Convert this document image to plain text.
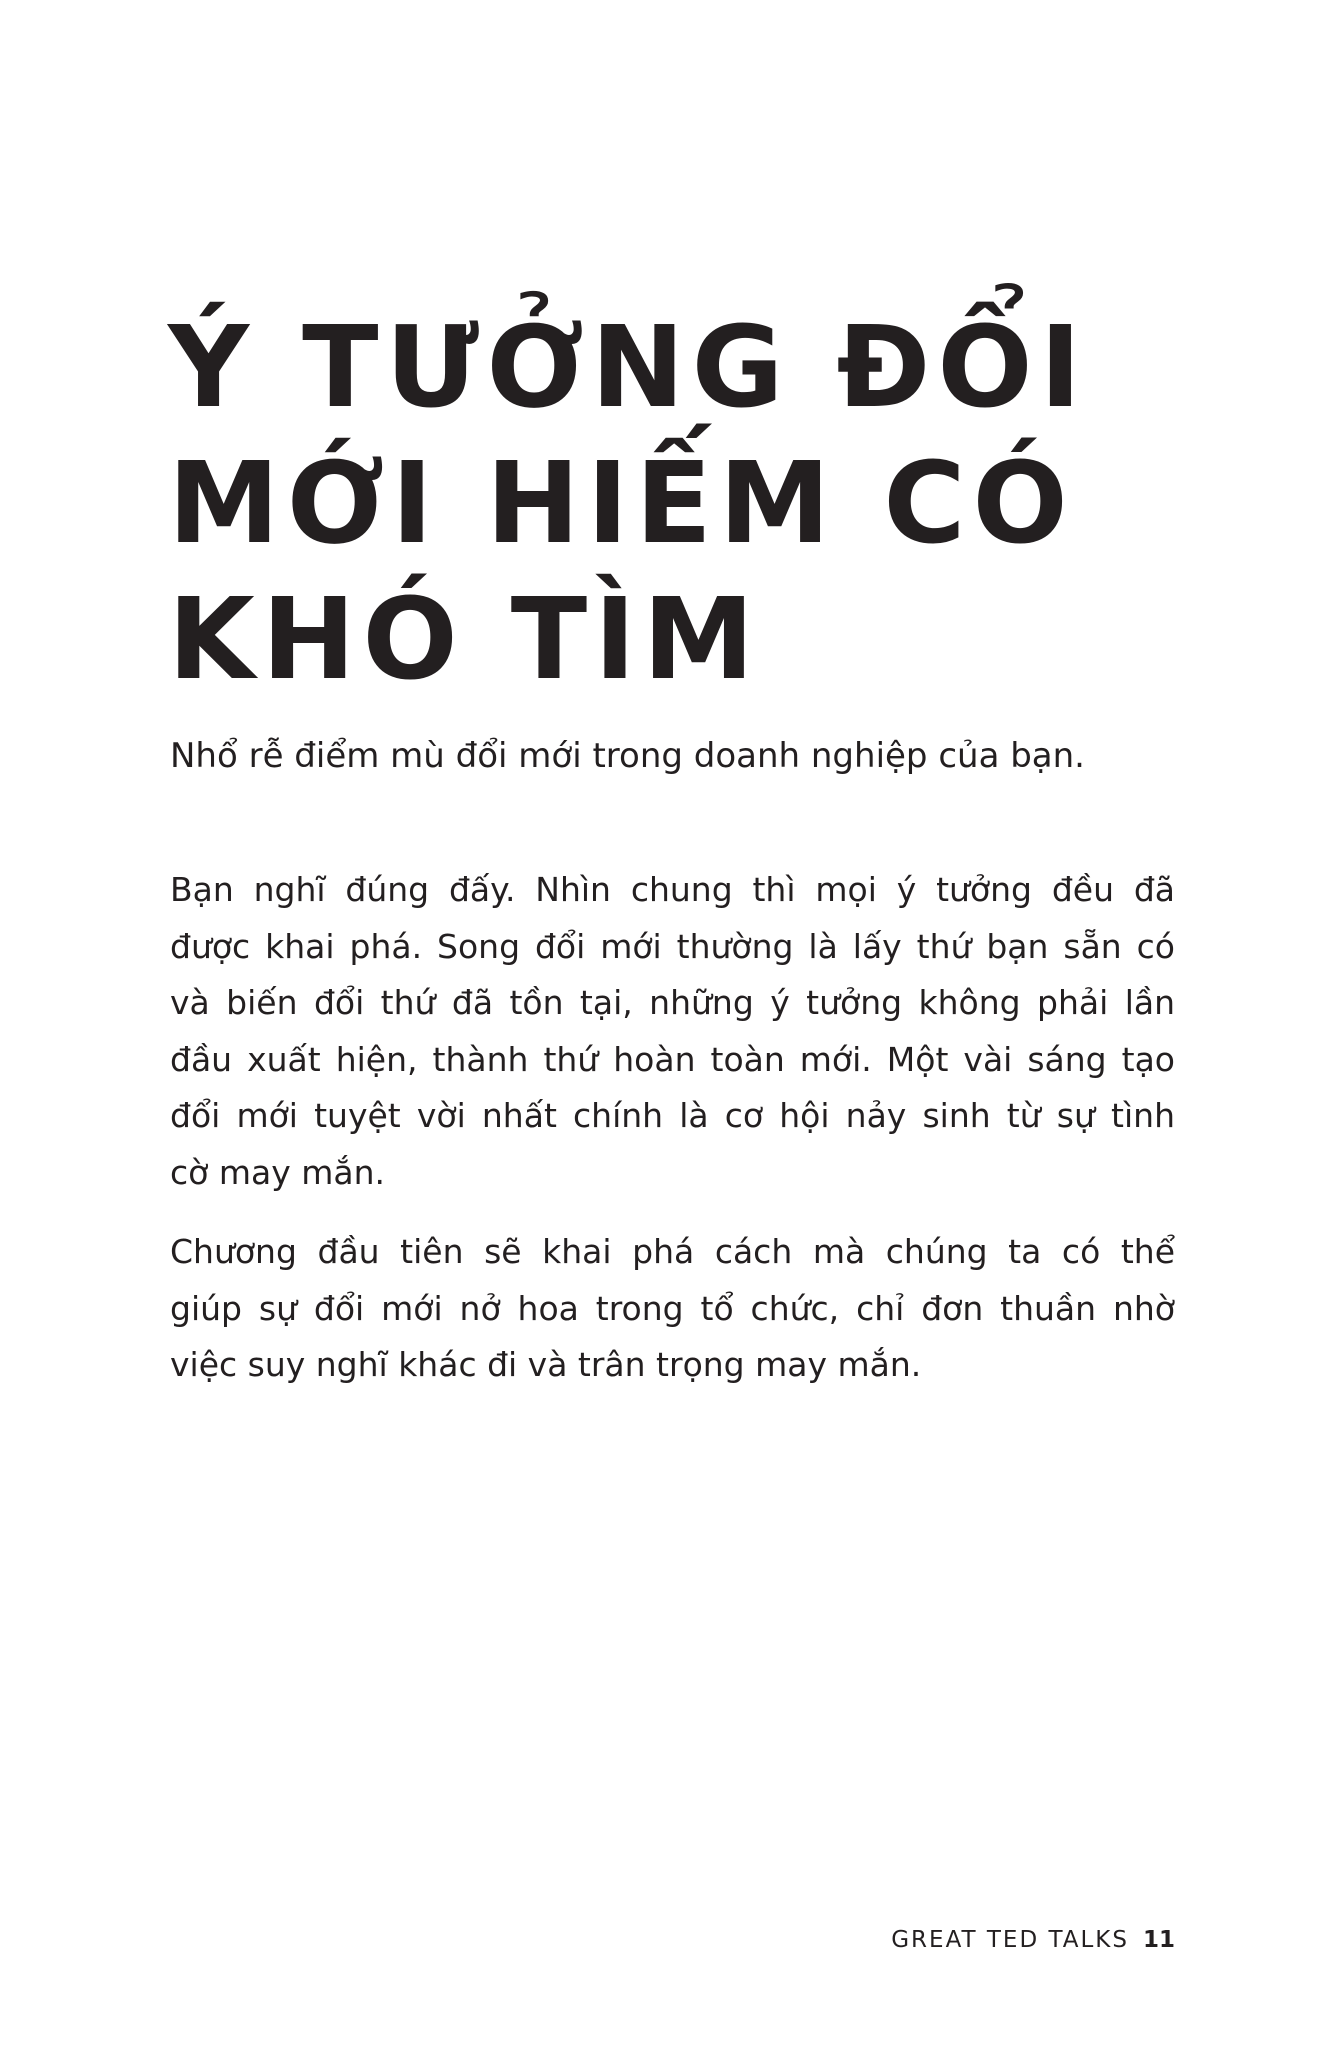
Ý TƯỞNG ĐỔI
MỚI HIẾM CÓ
KHÓ TÌM

Nhổ rễ điểm mù đổi mới trong doanh nghiệp của bạn.

Bạn nghĩ đúng đấy. Nhìn chung thì mọi ý tưởng đều đã
được khai phá. Song đổi mới thường là lấy thứ bạn sẵn có
và biến đổi thứ đã tồn tại, những ý tưởng không phải lần
đầu xuất hiện, thành thứ hoàn toàn mới. Một vài sáng tạo
đổi mới tuyệt vời nhất chính là cơ hội nảy sinh từ sự tình
cờ may mắn.

Chương đầu tiên sẽ khai phá cách mà chúng ta có thể
giúp sự đổi mới nở hoa trong tổ chức, chỉ đơn thuần nhờ
việc suy nghĩ khác đi và trân trọng may mắn.

GREAT TED TALKS 11
